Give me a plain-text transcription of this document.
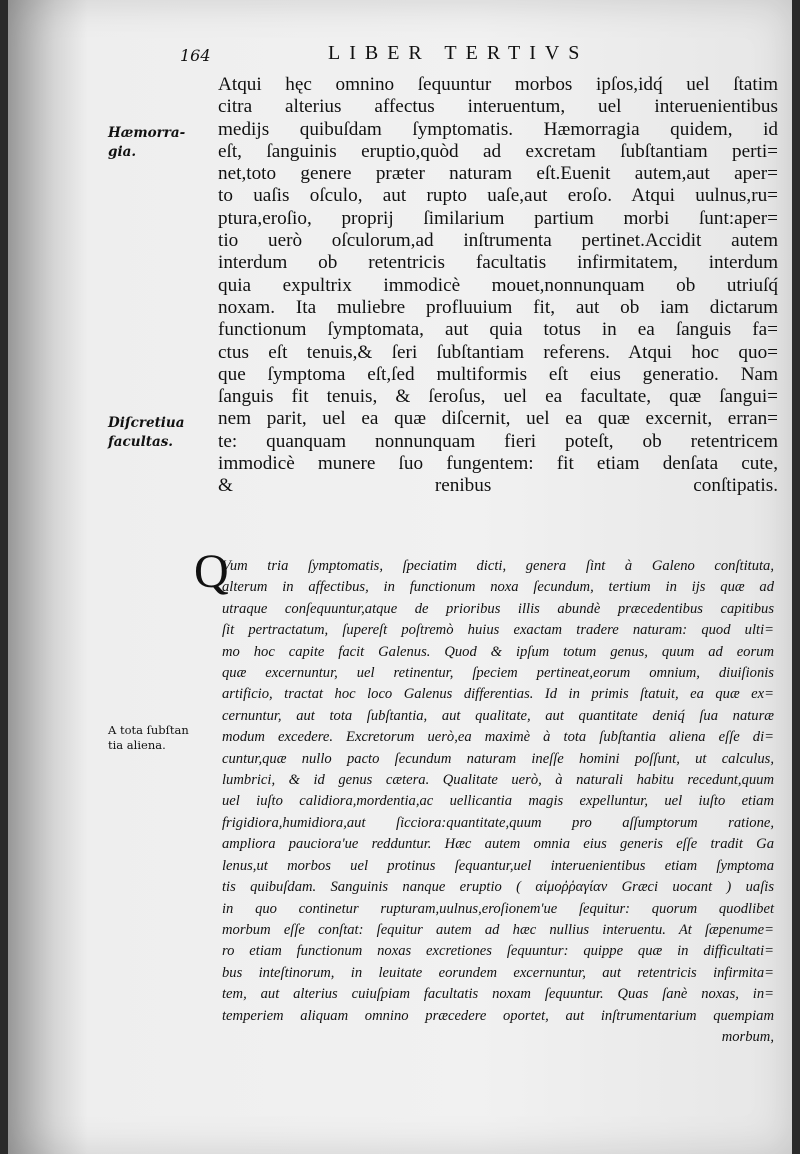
164	LIBER TERTIVS
Hæmorra-
gia.
Diſcretiua
facultas.
A tota ſubſtan
tia aliena.
Atqui hęc omnino ſequuntur morbos ipſos,idq́ uel ſtatim
citra alterius affectus interuentum, uel interuenientibus
medijs quibuſdam ſymptomatis. Hæmorragia quidem, id
eſt, ſanguinis eruptio,quòd ad excretam ſubſtantiam perti=
net,toto genere præter naturam eſt.Euenit autem,aut aper=
to uaſis oſculo, aut rupto uaſe,aut eroſo. Atqui uulnus,ru=
ptura,eroſio, proprij ſimilarium partium morbi ſunt:aper=
tio uerò oſculorum,ad inſtrumenta pertinet.Accidit autem
interdum ob retentricis facultatis infirmitatem, interdum
quia expultrix immodicè mouet,nonnunquam ob utriuſq́
noxam. Ita muliebre profluuium fit, aut ob iam dictarum
functionum ſymptomata, aut quia totus in ea ſanguis fa=
ctus eſt tenuis,& ſeri ſubſtantiam referens. Atqui hoc quo=
que ſymptoma eſt,ſed multiformis eſt eius generatio. Nam
ſanguis fit tenuis, & ſeroſus, uel ea facultate, quæ ſangui=
nem parit, uel ea quæ diſcernit, uel ea quæ excernit, erran=
te: quanquam nonnunquam fieri poteſt, ob retentricem
immodicè munere ſuo fungentem: fit etiam denſata cute,
& renibus conſtipatis.
Q
Vum tria ſymptomatis, ſpeciatim dicti, genera ſint à Galeno conſtituta,
alterum in affectibus, in functionum noxa ſecundum, tertium in ijs quæ ad
utraque conſequuntur,atque de prioribus illis abundè præcedentibus capitibus
ſit pertractatum, ſupereſt poſtremò huius exactam tradere naturam: quod ulti=
mo hoc capite facit Galenus. Quod & ipſum totum genus, quum ad eorum
quæ excernuntur, uel retinentur, ſpeciem pertineat,eorum omnium, diuiſionis
artificio, tractat hoc loco Galenus differentias. Id in primis ſtatuit, ea quæ ex=
cernuntur, aut tota ſubſtantia, aut qualitate, aut quantitate deniq́ ſua naturæ
modum excedere. Excretorum uerò,ea maximè à tota ſubſtantia aliena eſſe di=
cuntur,quæ nullo pacto ſecundum naturam ineſſe homini poſſunt, ut calculus,
lumbrici, & id genus cætera. Qualitate uerò, à naturali habitu recedunt,quum
uel iuſto calidiora,mordentia,ac uellicantia magis expelluntur, uel iuſto etiam
frigidiora,humidiora,aut ſicciora:quantitate,quum pro aſſumptorum ratione,
ampliora pauciora'ue redduntur. Hæc autem omnia eius generis eſſe tradit Ga
lenus,ut morbos uel protinus ſequantur,uel interuenientibus etiam ſymptoma
tis quibuſdam. Sanguinis nanque eruptio ( αἱμοῤῥαγίαν Græci uocant ) uaſis
in quo continetur rupturam,uulnus,eroſionem'ue ſequitur: quorum quodlibet
morbum eſſe conſtat: ſequitur autem ad hæc nullius interuentu. At ſæpenume=
ro etiam functionum noxas excretiones ſequuntur: quippe quæ in difficultati=
bus inteſtinorum, in leuitate eorundem excernuntur, aut retentricis infirmita=
tem, aut alterius cuiuſpiam facultatis noxam ſequuntur. Quas ſanè noxas, in=
temperiem aliquam omnino præcedere oportet, aut inſtrumentarium quempiam
morbum,
